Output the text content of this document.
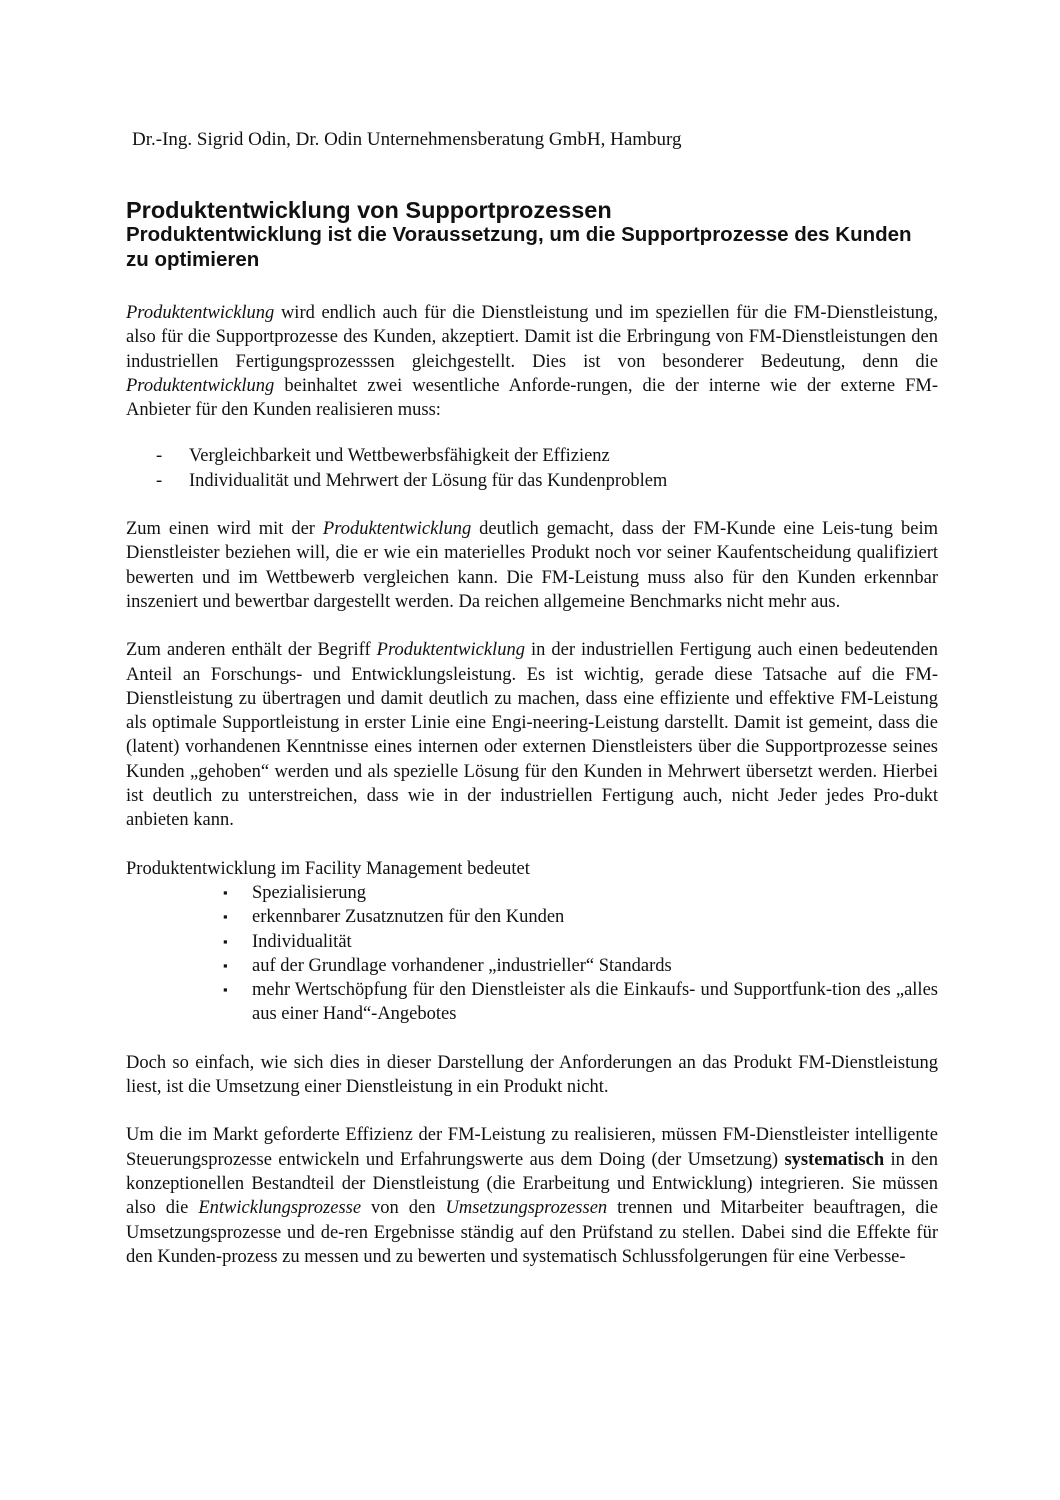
Dr.-Ing. Sigrid Odin, Dr. Odin Unternehmensberatung GmbH, Hamburg
Produktentwicklung von Supportprozessen
Produktentwicklung ist die Voraussetzung, um die Supportprozesse des Kunden zu optimieren

Produktentwicklung wird endlich auch für die Dienstleistung und im speziellen für die FM-Dienstleistung, also für die Supportprozesse des Kunden, akzeptiert. Damit ist die Erbringung von FM-Dienstleistungen den industriellen Fertigungsprozesssen gleichgestellt. Dies ist von besonderer Bedeutung, denn die Produktentwicklung beinhaltet zwei wesentliche Anforde-rungen, die der interne wie der externe FM-Anbieter für den Kunden realisieren muss:

- Vergleichbarkeit und Wettbewerbsfähigkeit der Effizienz
- Individualität und Mehrwert der Lösung für das Kundenproblem

Zum einen wird mit der Produktentwicklung deutlich gemacht, dass der FM-Kunde eine Leis-tung beim Dienstleister beziehen will, die er wie ein materielles Produkt noch vor seiner Kaufentscheidung qualifiziert bewerten und im Wettbewerb vergleichen kann. Die FM-Leistung muss also für den Kunden erkennbar inszeniert und bewertbar dargestellt werden. Da reichen allgemeine Benchmarks nicht mehr aus.

Zum anderen enthält der Begriff Produktentwicklung in der industriellen Fertigung auch einen bedeutenden Anteil an Forschungs- und Entwicklungsleistung. Es ist wichtig, gerade diese Tatsache auf die FM-Dienstleistung zu übertragen und damit deutlich zu machen, dass eine effiziente und effektive FM-Leistung als optimale Supportleistung in erster Linie eine Engi-neering-Leistung darstellt. Damit ist gemeint, dass die (latent) vorhandenen Kenntnisse eines internen oder externen Dienstleisters über die Supportprozesse seines Kunden „gehoben“ werden und als spezielle Lösung für den Kunden in Mehrwert übersetzt werden. Hierbei ist deutlich zu unterstreichen, dass wie in der industriellen Fertigung auch, nicht Jeder jedes Pro-dukt anbieten kann.

Produktentwicklung im Facility Management bedeutet

▪ Spezialisierung
▪ erkennbarer Zusatznutzen für den Kunden
▪ Individualität
▪ auf der Grundlage vorhandener „industrieller“ Standards
▪ mehr Wertschöpfung für den Dienstleister als die Einkaufs- und Supportfunk-tion des „alles aus einer Hand“-Angebotes

Doch so einfach, wie sich dies in dieser Darstellung der Anforderungen an das Produkt FM-Dienstleistung liest, ist die Umsetzung einer Dienstleistung in ein Produkt nicht.

Um die im Markt geforderte Effizienz der FM-Leistung zu realisieren, müssen FM-Dienstleister intelligente Steuerungsprozesse entwickeln und Erfahrungswerte aus dem Doing (der Umsetzung) systematisch in den konzeptionellen Bestandteil der Dienstleistung (die Erarbeitung und Entwicklung) integrieren. Sie müssen also die Entwicklungsprozesse von den Umsetzungsprozessen trennen und Mitarbeiter beauftragen, die Umsetzungsprozesse und de-ren Ergebnisse ständig auf den Prüfstand zu stellen. Dabei sind die Effekte für den Kunden-prozess zu messen und zu bewerten und systematisch Schlussfolgerungen für eine Verbesse-
